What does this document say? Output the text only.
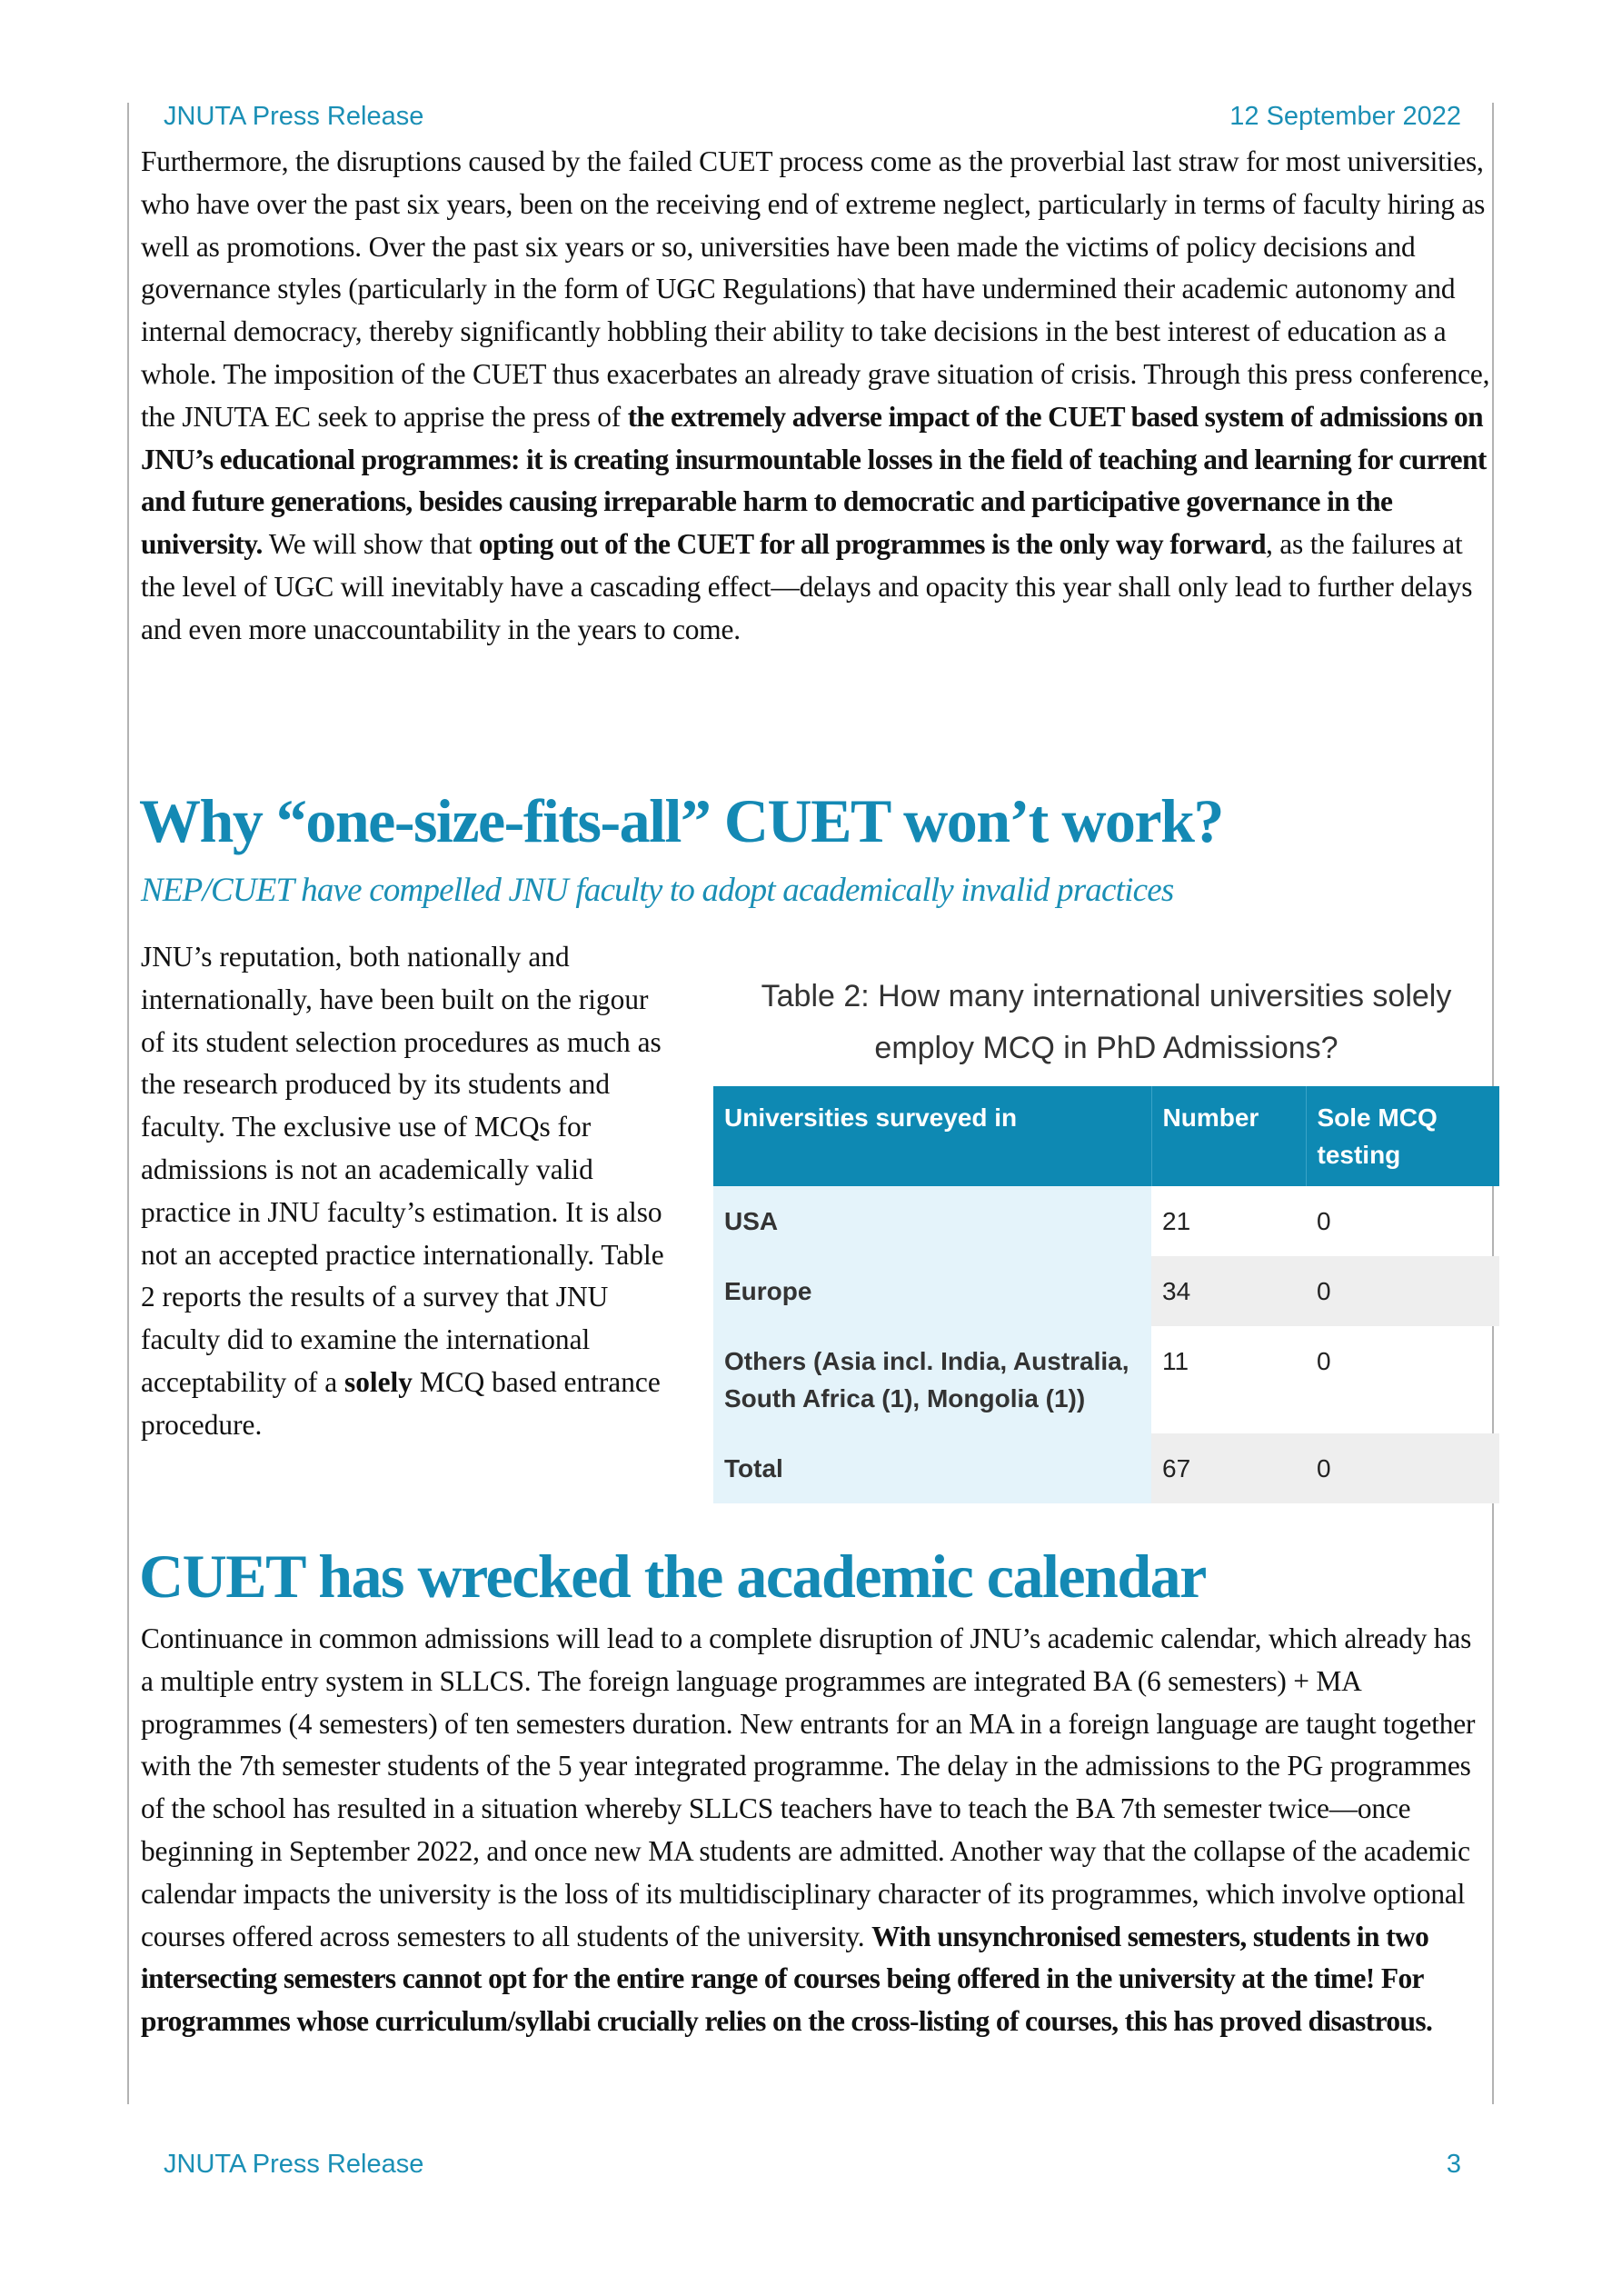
JNUTA Press Release	12 September 2022
Furthermore, the disruptions caused by the failed CUET process come as the proverbial last straw for most universities, who have over the past six years, been on the receiving end of extreme neglect, particularly in terms of faculty hiring as well as promotions. Over the past six years or so, universities have been made the victims of policy decisions and governance styles (particularly in the form of UGC Regulations) that have undermined their academic autonomy and internal democracy, thereby significantly hobbling their ability to take decisions in the best interest of education as a whole. The imposition of the CUET thus exacerbates an already grave situation of crisis. Through this press conference, the JNUTA EC seek to apprise the press of the extremely adverse impact of the CUET based system of admissions on JNU’s educational programmes: it is creating insurmountable losses in the field of teaching and learning for current and future generations, besides causing irreparable harm to democratic and participative governance in the university. We will show that opting out of the CUET for all programmes is the only way forward, as the failures at the level of UGC will inevitably have a cascading effect—delays and opacity this year shall only lead to further delays and even more unaccountability in the years to come.
Why “one-size-fits-all” CUET won’t work?
NEP/CUET have compelled JNU faculty to adopt academically invalid practices
JNU’s reputation, both nationally and internationally, have been built on the rigour of its student selection procedures as much as the research produced by its students and faculty. The exclusive use of MCQs for admissions is not an academically valid practice in JNU faculty’s estimation. It is also not an accepted practice internationally. Table 2 reports the results of a survey that JNU faculty did to examine the international acceptability of a solely MCQ based entrance procedure.
Table 2: How many international universities solely employ MCQ in PhD Admissions?
Universities surveyed in	Number	Sole MCQ testing
USA	21	0
Europe	34	0
Others (Asia incl. India, Australia, South Africa (1), Mongolia (1))	11	0
Total	67	0
CUET has wrecked the academic calendar
Continuance in common admissions will lead to a complete disruption of JNU’s academic calendar, which already has a multiple entry system in SLLCS. The foreign language programmes are integrated BA (6 semesters) + MA programmes (4 semesters) of ten semesters duration. New entrants for an MA in a foreign language are taught together with the 7th semester students of the 5 year integrated programme. The delay in the admissions to the PG programmes of the school has resulted in a situation whereby SLLCS teachers have to teach the BA 7th semester twice—once beginning in September 2022, and once new MA students are admitted. Another way that the collapse of the academic calendar impacts the university is the loss of its multidisciplinary character of its programmes, which involve optional courses offered across semesters to all students of the university. With unsynchronised semesters, students in two intersecting semesters cannot opt for the entire range of courses being offered in the university at the time! For programmes whose curriculum/syllabi crucially relies on the cross-listing of courses, this has proved disastrous.
JNUTA Press Release	3
